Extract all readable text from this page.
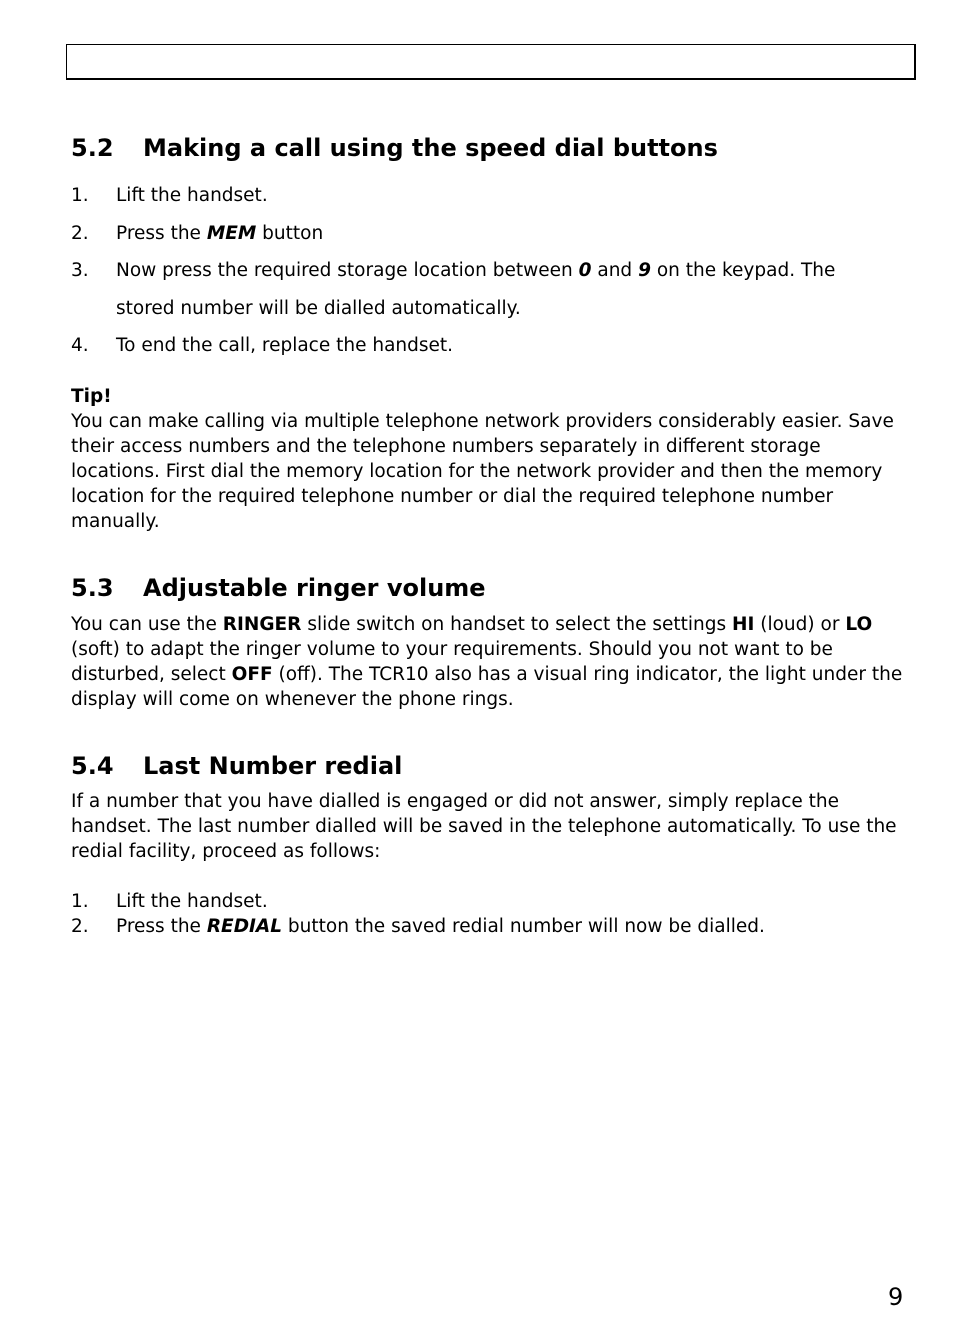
5.2 Making a call using the speed dial buttons
1. Lift the handset.
2. Press the MEM button
3. Now press the required storage location between 0 and 9 on the keypad. The
stored number will be dialled automatically.
4. To end the call, replace the handset.
Tip!

You can make calling via multiple telephone network providers considerably easier. Save their access numbers and the telephone numbers separately in different storage locations. First dial the memory location for the network provider and then the memory location for the required telephone number or dial the required telephone number manually.

5.3 Adjustable ringer volume

You can use the RINGER slide switch on handset to select the settings HI (loud) or LO (soft) to adapt the ringer volume to your requirements. Should you not want to be disturbed, select OFF (off). The TCR10 also has a visual ring indicator, the light under the display will come on whenever the phone rings.

5.4 Last Number redial

If a number that you have dialled is engaged or did not answer, simply replace the handset. The last number dialled will be saved in the telephone automatically. To use the redial facility, proceed as follows:

1. Lift the handset.
2. Press the REDIAL button the saved redial number will now be dialled.
9
